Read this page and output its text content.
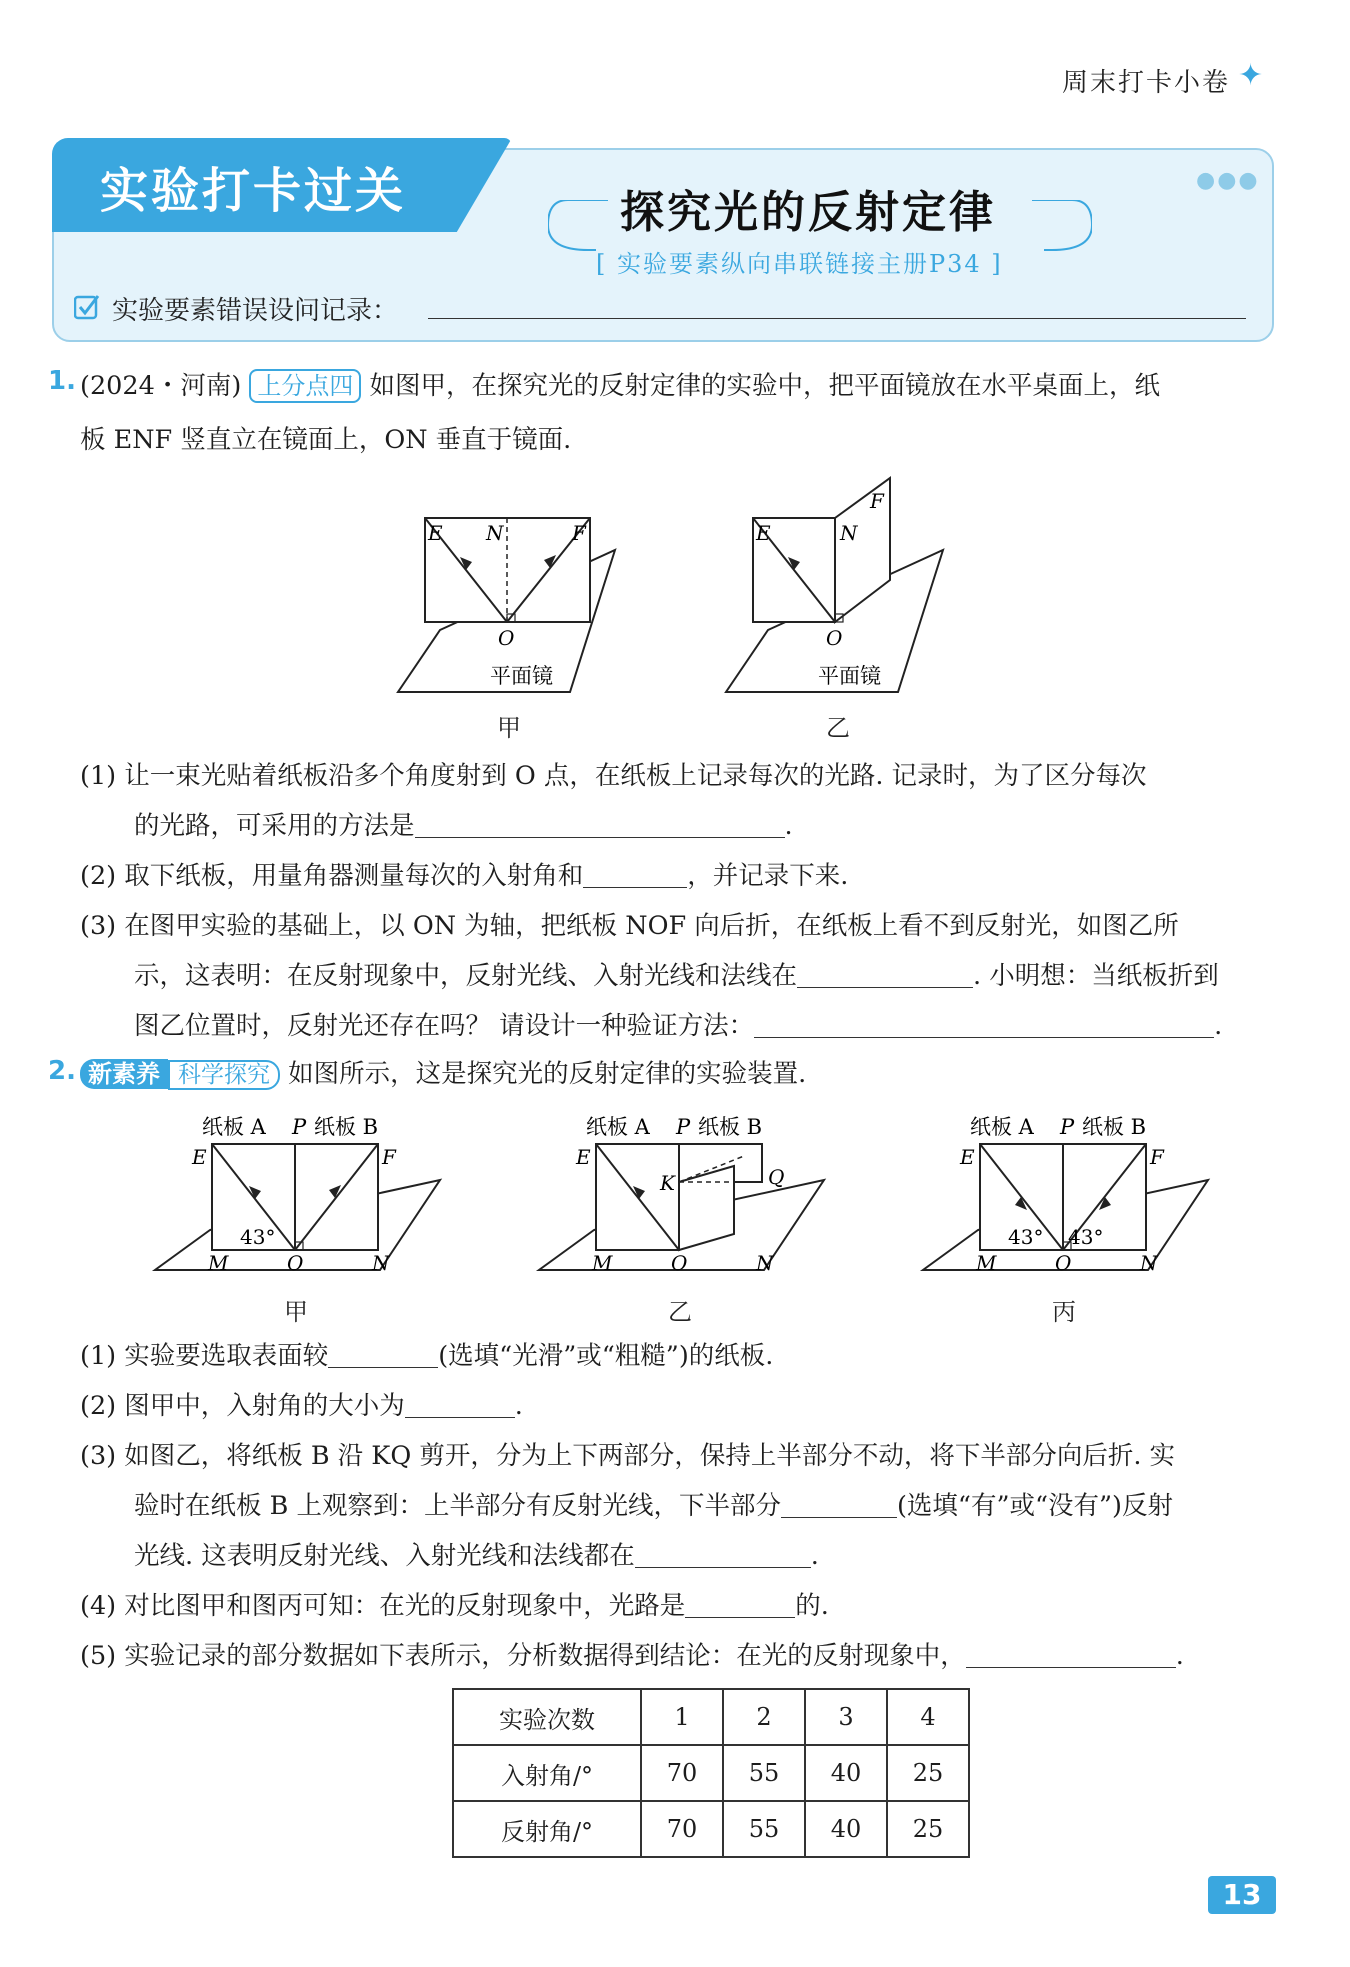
周末打卡小卷 ✦
实验打卡过关	●●●
探究光的反射定律
[ 实验要素纵向串联链接主册P34 ]
实验要素错误设问记录：
1. (2024・河南) 上分点四 如图甲，在探究光的反射定律的实验中，把平面镜放在水平桌面上，纸
板 ENF 竖直立在镜面上，ON 垂直于镜面.
E N	F
O
平面镜
甲
E	N
F
O
平面镜
乙
(1) 让一束光贴着纸板沿多个角度射到 O 点，在纸板上记录每次的光路. 记录时，为了区分每次
的光路，可采用的方法是	.
(2) 取下纸板，用量角器测量每次的入射角和	，并记录下来.
(3) 在图甲实验的基础上，以 ON 为轴，把纸板 NOF 向后折，在纸板上看不到反射光，如图乙所
示，这表明：在反射现象中，反射光线、入射光线和法线在	. 小明想：当纸板折到
图乙位置时，反射光还存在吗？ 请设计一种验证方法：	.
2. 新素养 科学探究 如图所示，这是探究光的反射定律的实验装置.
纸板 A P 纸板 B
E	F
43°
M	O	N
甲
纸板 A P 纸板 B
E
K	Q
M	O	N
乙
纸板 A P 纸板 B
E	F
43° 43°
M	O	N
丙
(1) 实验要选取表面较	(选填“光滑”或“粗糙”)的纸板.
(2) 图甲中，入射角的大小为	.
(3) 如图乙，将纸板 B 沿 KQ 剪开，分为上下两部分，保持上半部分不动，将下半部分向后折. 实
验时在纸板 B 上观察到：上半部分有反射光线，下半部分	(选填“有”或“没有”)反射
光线. 这表明反射光线、入射光线和法线都在	.
(4) 对比图甲和图丙可知：在光的反射现象中，光路是	的.
(5) 实验记录的部分数据如下表所示，分析数据得到结论：在光的反射现象中，	.
实验次数	1	2	3	4
入射角/°	70	55	40	25
反射角/°	70	55	40	25
13
